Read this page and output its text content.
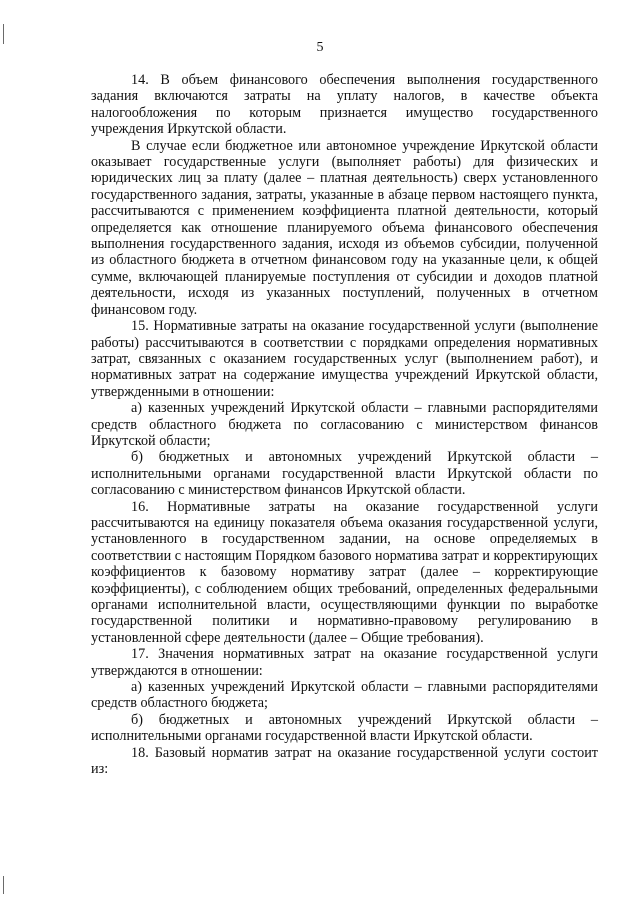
5

14. В объем финансового обеспечения выполнения государственного задания включаются затраты на уплату налогов, в качестве объекта налогообложения по которым признается имущество государственного учреждения Иркутской области.

В случае если бюджетное или автономное учреждение Иркутской области оказывает государственные услуги (выполняет работы) для физических и юридических лиц за плату (далее – платная деятельность) сверх установленного государственного задания, затраты, указанные в абзаце первом настоящего пункта, рассчитываются с применением коэффициента платной деятельности, который определяется как отношение планируемого объема финансового обеспечения выполнения государственного задания, исходя из объемов субсидии, полученной из областного бюджета в отчетном финансовом году на указанные цели, к общей сумме, включающей планируемые поступления от субсидии и доходов платной деятельности, исходя из указанных поступлений, полученных в отчетном финансовом году.

15. Нормативные затраты на оказание государственной услуги (выполнение работы) рассчитываются в соответствии с порядками определения нормативных затрат, связанных с оказанием государственных услуг (выполнением работ), и нормативных затрат на содержание имущества учреждений Иркутской области, утвержденными в отношении:

а) казенных учреждений Иркутской области – главными распорядителями средств областного бюджета по согласованию с министерством финансов Иркутской области;

б) бюджетных и автономных учреждений Иркутской области – исполнительными органами государственной власти Иркутской области по согласованию с министерством финансов Иркутской области.

16. Нормативные затраты на оказание государственной услуги рассчитываются на единицу показателя объема оказания государственной услуги, установленного в государственном задании, на основе определяемых в соответствии с настоящим Порядком базового норматива затрат и корректирующих коэффициентов к базовому нормативу затрат (далее – корректирующие коэффициенты), с соблюдением общих требований, определенных федеральными органами исполнительной власти, осуществляющими функции по выработке государственной политики и нормативно-правовому регулированию в установленной сфере деятельности (далее – Общие требования).

17. Значения нормативных затрат на оказание государственной услуги утверждаются в отношении:

а) казенных учреждений Иркутской области – главными распорядителями средств областного бюджета;

б) бюджетных и автономных учреждений Иркутской области – исполнительными органами государственной власти Иркутской области.

18. Базовый норматив затрат на оказание государственной услуги состоит из:
